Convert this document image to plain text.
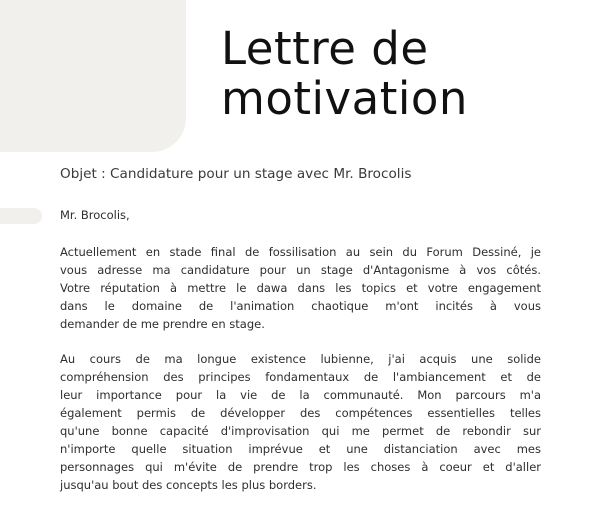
Lettre de
motivation
Objet : Candidature pour un stage avec Mr. Brocolis
Mr. Brocolis,
Actuellement en stade final de fossilisation au sein du Forum Dessiné, je
vous adresse ma candidature pour un stage d'Antagonisme à vos côtés.
Votre réputation à mettre le dawa dans les topics et votre engagement
dans le domaine de l'animation chaotique m'ont incités à vous
demander de me prendre en stage.
Au cours de ma longue existence lubienne, j'ai acquis une solide
compréhension des principes fondamentaux de l'ambiancement et de
leur importance pour la vie de la communauté. Mon parcours m'a
également permis de développer des compétences essentielles telles
qu'une bonne capacité d'improvisation qui me permet de rebondir sur
n'importe quelle situation imprévue et une distanciation avec mes
personnages qui m'évite de prendre trop les choses à coeur et d'aller
jusqu'au bout des concepts les plus borders.
